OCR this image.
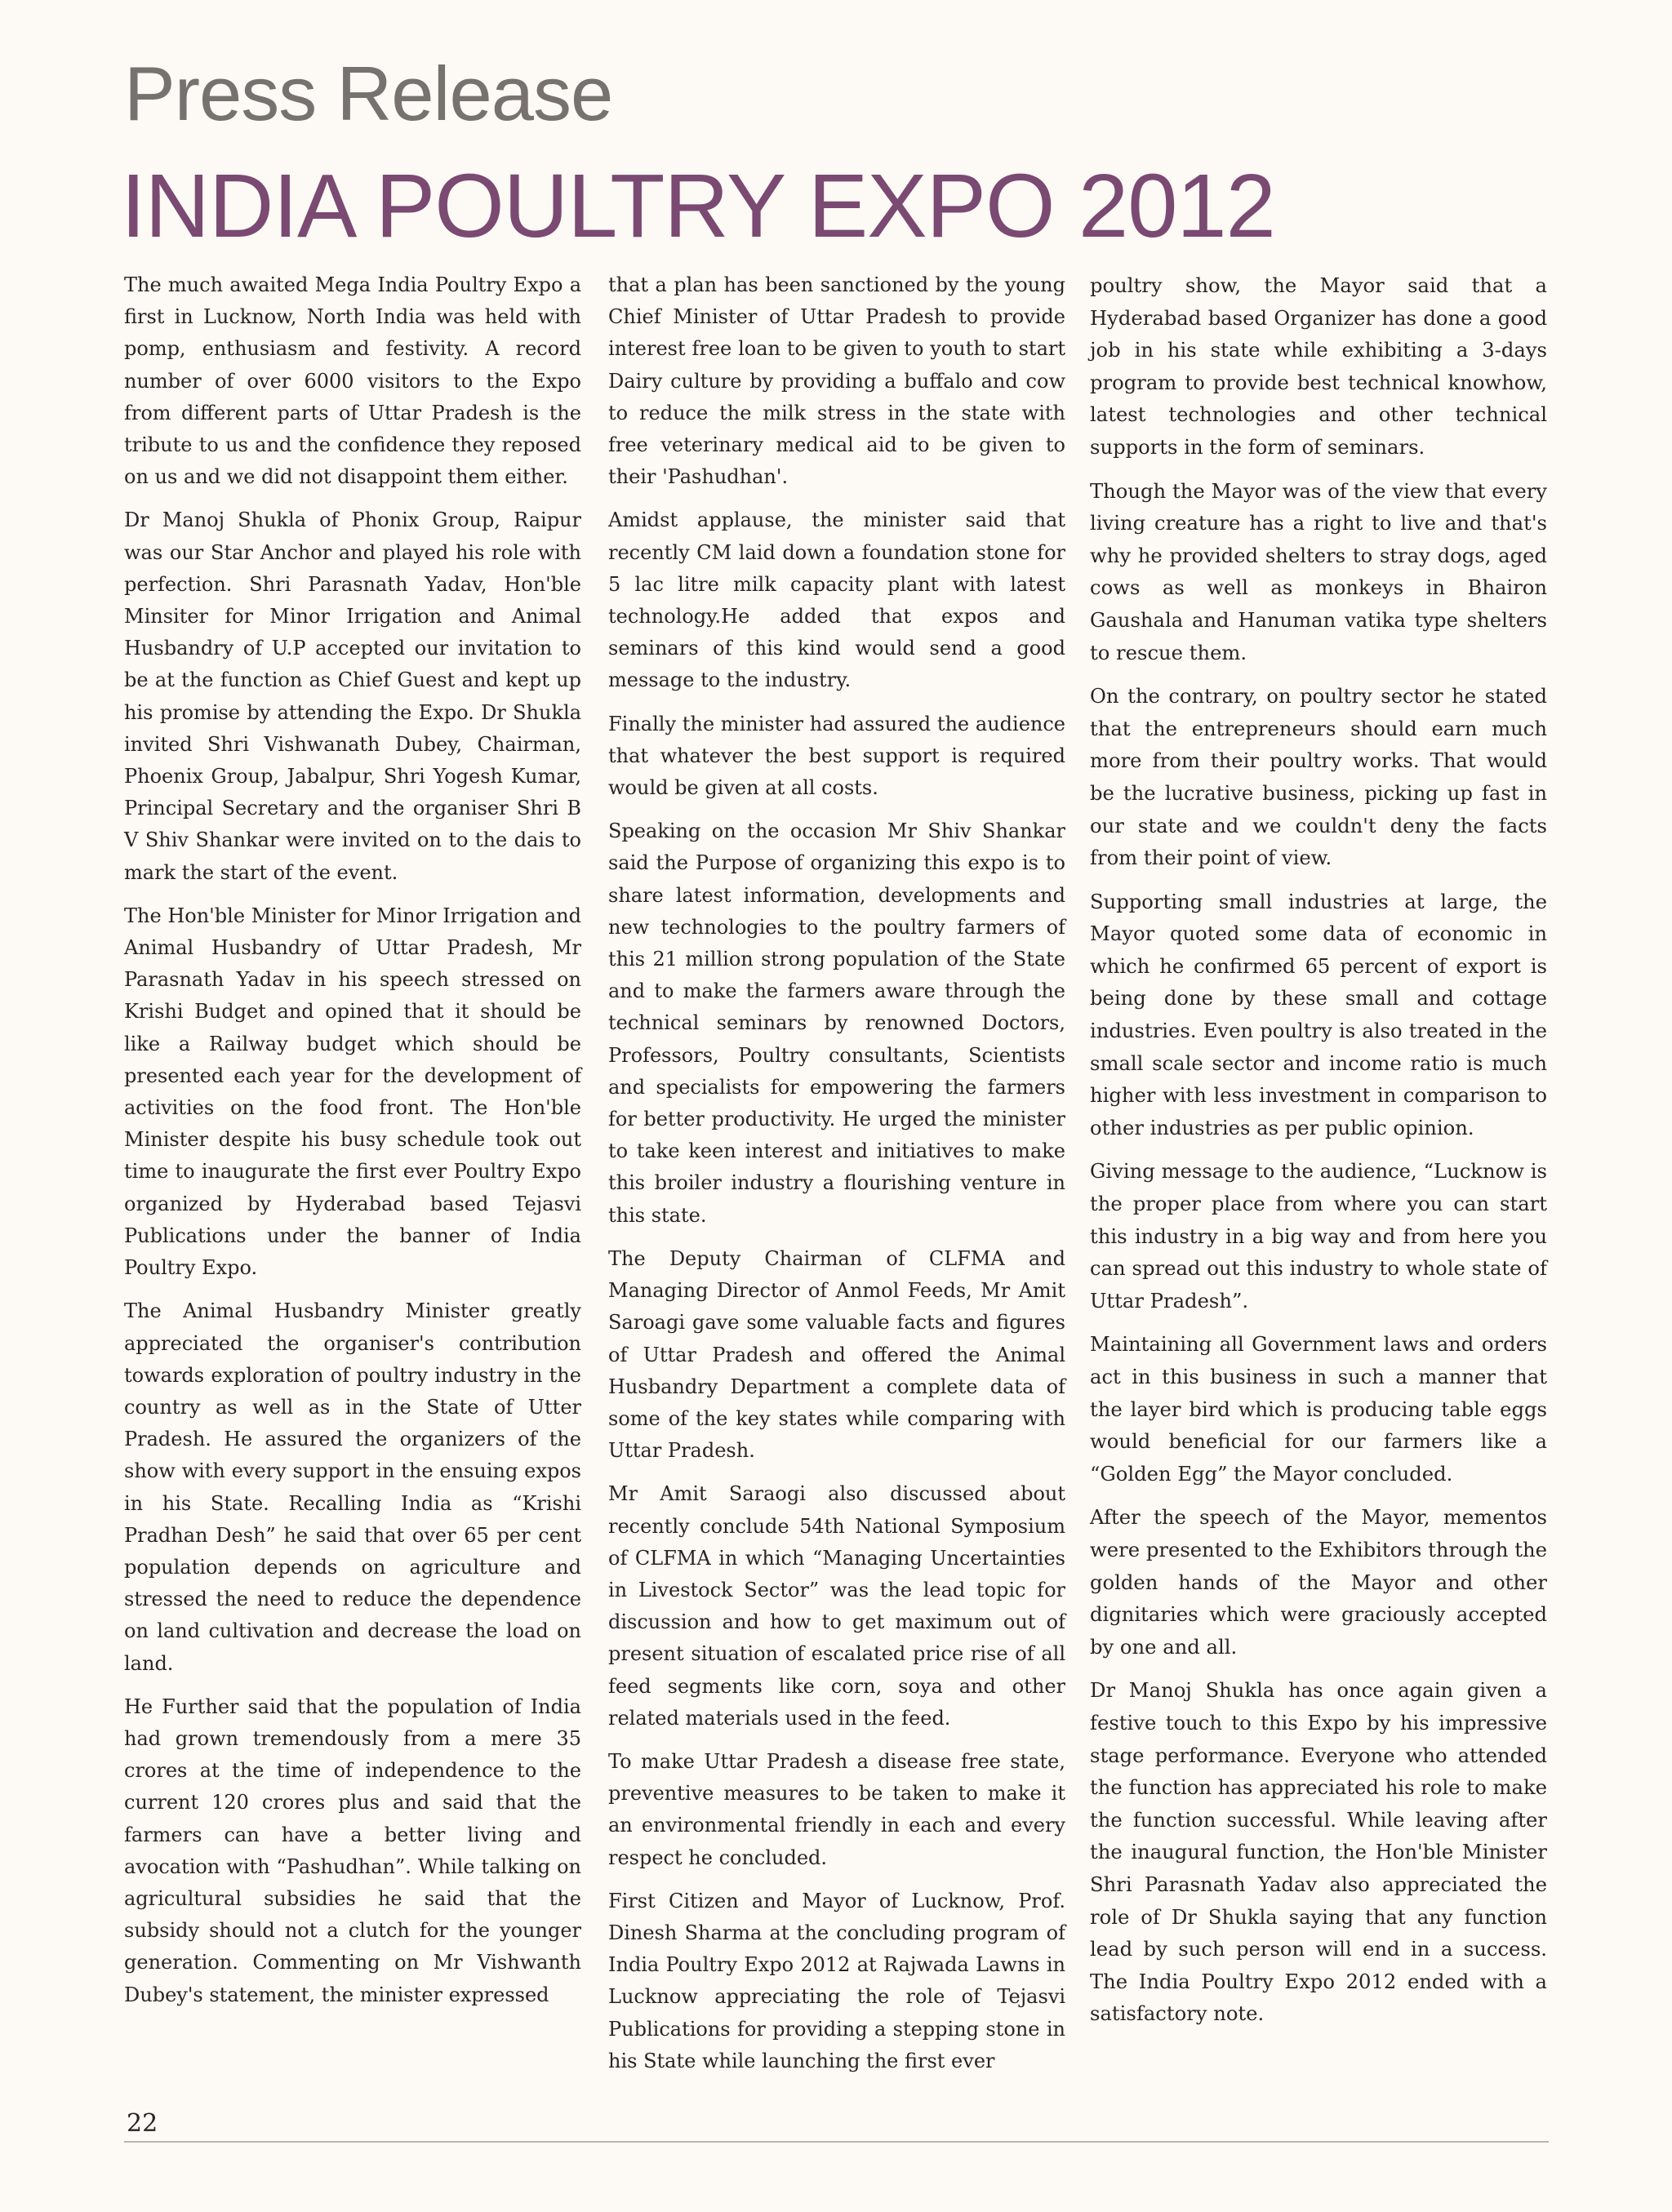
Press Release
INDIA POULTRY EXPO 2012

The much awaited Mega India Poultry Expo a first in Lucknow, North India was held with pomp, enthusiasm and festivity. A record number of over 6000 visitors to the Expo from different parts of Uttar Pradesh is the tribute to us and the confidence they reposed on us and we did not disappoint them either.

Dr Manoj Shukla of Phonix Group, Raipur was our Star Anchor and played his role with perfection. Shri Parasnath Yadav, Hon'ble Minsiter for Minor Irrigation and Animal Husbandry of U.P accepted our invitation to be at the function as Chief Guest and kept up his promise by attending the Expo. Dr Shukla invited Shri Vishwanath Dubey, Chairman, Phoenix Group, Jabalpur, Shri Yogesh Kumar, Principal Secretary and the organiser Shri B V Shiv Shankar were invited on to the dais to mark the start of the event.

The Hon'ble Minister for Minor Irrigation and Animal Husbandry of Uttar Pradesh, Mr Parasnath Yadav in his speech stressed on Krishi Budget and opined that it should be like a Railway budget which should be presented each year for the development of activities on the food front. The Hon'ble Minister despite his busy schedule took out time to inaugurate the first ever Poultry Expo organized by Hyderabad based Tejasvi Publications under the banner of India Poultry Expo.

The Animal Husbandry Minister greatly appreciated the organiser's contribution towards exploration of poultry industry in the country as well as in the State of Utter Pradesh. He assured the organizers of the show with every support in the ensuing expos in his State. Recalling India as “Krishi Pradhan Desh” he said that over 65 per cent population depends on agriculture and stressed the need to reduce the dependence on land cultivation and decrease the load on land.

He Further said that the population of India had grown tremendously from a mere 35 crores at the time of independence to the current 120 crores plus and said that the farmers can have a better living and avocation with “Pashudhan”. While talking on agricultural subsidies he said that the subsidy should not a clutch for the younger generation. Commenting on Mr Vishwanth Dubey's statement, the minister expressed

that a plan has been sanctioned by the young Chief Minister of Uttar Pradesh to provide interest free loan to be given to youth to start Dairy culture by providing a buffalo and cow to reduce the milk stress in the state with free veterinary medical aid to be given to their 'Pashudhan'.

Amidst applause, the minister said that recently CM laid down a foundation stone for 5 lac litre milk capacity plant with latest technology.He added that expos and seminars of this kind would send a good message to the industry.

Finally the minister had assured the audience that whatever the best support is required would be given at all costs.

Speaking on the occasion Mr Shiv Shankar said the Purpose of organizing this expo is to share latest information, developments and new technologies to the poultry farmers of this 21 million strong population of the State and to make the farmers aware through the technical seminars by renowned Doctors, Professors, Poultry consultants, Scientists and specialists for empowering the farmers for better productivity. He urged the minister to take keen interest and initiatives to make this broiler industry a flourishing venture in this state.

The Deputy Chairman of CLFMA and Managing Director of Anmol Feeds, Mr Amit Saroagi gave some valuable facts and figures of Uttar Pradesh and offered the Animal Husbandry Department a complete data of some of the key states while comparing with Uttar Pradesh.

Mr Amit Saraogi also discussed about recently conclude 54th National Symposium of CLFMA in which “Managing Uncertainties in Livestock Sector” was the lead topic for discussion and how to get maximum out of present situation of escalated price rise of all feed segments like corn, soya and other related materials used in the feed.

To make Uttar Pradesh a disease free state, preventive measures to be taken to make it an environmental friendly in each and every respect he concluded.

First Citizen and Mayor of Lucknow, Prof. Dinesh Sharma at the concluding program of India Poultry Expo 2012 at Rajwada Lawns in Lucknow appreciating the role of Tejasvi Publications for providing a stepping stone in his State while launching the first ever

poultry show, the Mayor said that a Hyderabad based Organizer has done a good job in his state while exhibiting a 3-days program to provide best technical knowhow, latest technologies and other technical supports in the form of seminars.

Though the Mayor was of the view that every living creature has a right to live and that's why he provided shelters to stray dogs, aged cows as well as monkeys in Bhairon Gaushala and Hanuman vatika type shelters to rescue them.

On the contrary, on poultry sector he stated that the entrepreneurs should earn much more from their poultry works. That would be the lucrative business, picking up fast in our state and we couldn't deny the facts from their point of view.

Supporting small industries at large, the Mayor quoted some data of economic in which he confirmed 65 percent of export is being done by these small and cottage industries. Even poultry is also treated in the small scale sector and income ratio is much higher with less investment in comparison to other industries as per public opinion.

Giving message to the audience, “Lucknow is the proper place from where you can start this industry in a big way and from here you can spread out this industry to whole state of Uttar Pradesh”.

Maintaining all Government laws and orders act in this business in such a manner that the layer bird which is producing table eggs would beneficial for our farmers like a “Golden Egg” the Mayor concluded.

After the speech of the Mayor, mementos were presented to the Exhibitors through the golden hands of the Mayor and other dignitaries which were graciously accepted by one and all.

Dr Manoj Shukla has once again given a festive touch to this Expo by his impressive stage performance. Everyone who attended the function has appreciated his role to make the function successful. While leaving after the inaugural function, the Hon'ble Minister Shri Parasnath Yadav also appreciated the role of Dr Shukla saying that any function lead by such person will end in a success. The India Poultry Expo 2012 ended with a satisfactory note.

22
